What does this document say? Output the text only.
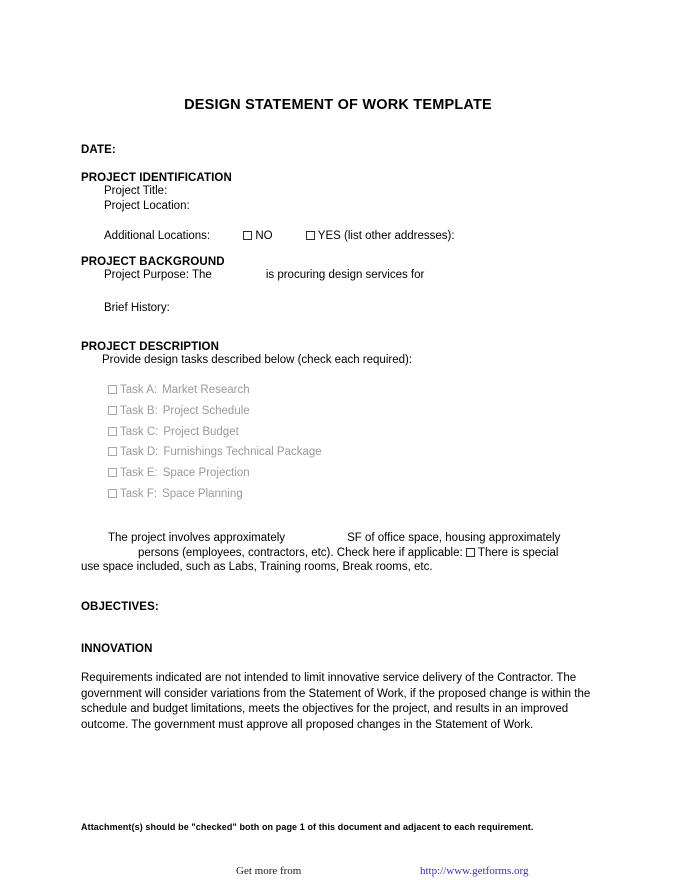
DESIGN STATEMENT OF WORK TEMPLATE
DATE:
PROJECT IDENTIFICATION
Project Title:
Project Location:
Additional Locations:	NO	YES (list other addresses):
PROJECT BACKGROUND
Project Purpose: The	is procuring design services for
Brief History:
PROJECT DESCRIPTION
Provide design tasks described below (check each required):
Task A: Market Research
Task B: Project Schedule
Task C: Project Budget
Task D: Furnishings Technical Package
Task E: Space Projection
Task F: Space Planning
The project involves approximately	SF of office space, housing approximately
persons (employees, contractors, etc). Check here if applicable: There is special
use space included, such as Labs, Training rooms, Break rooms, etc.
OBJECTIVES:
INNOVATION
Requirements indicated are not intended to limit innovative service delivery of the Contractor. The government will consider variations from the Statement of Work, if the proposed change is within the schedule and budget limitations, meets the objectives for the project, and results in an improved outcome. The government must approve all proposed changes in the Statement of Work.
Attachment(s) should be "checked" both on page 1 of this document and adjacent to each requirement.
Get more from	http://www.getforms.org
